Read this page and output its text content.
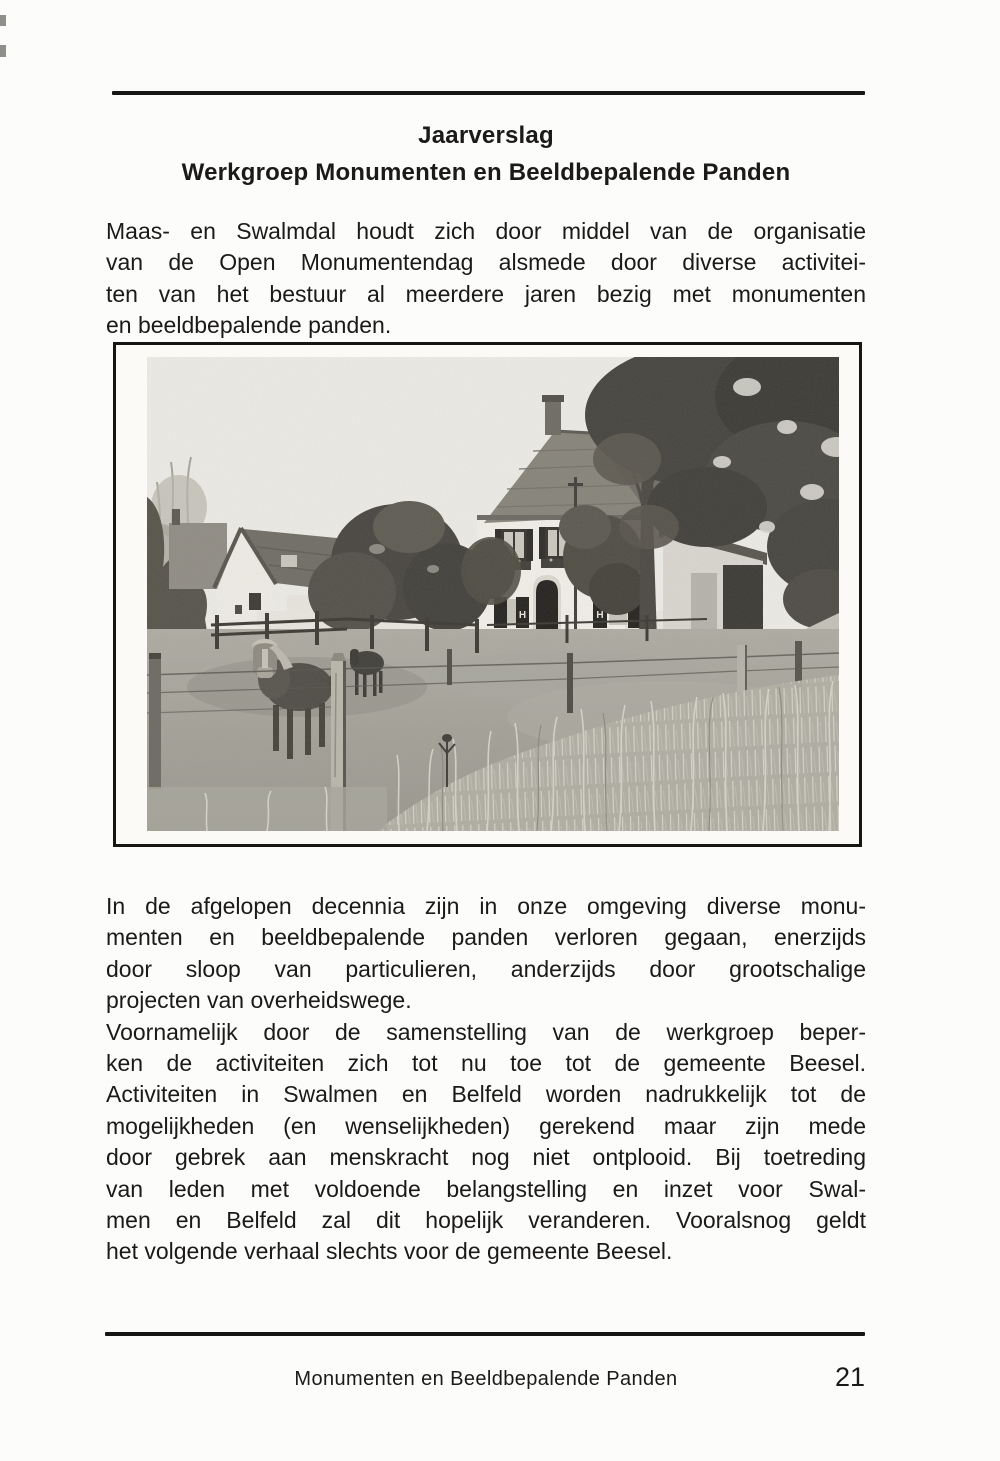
Jaarverslag
Werkgroep Monumenten en Beeldbepalende Panden
Maas- en Swalmdal houdt zich door middel van de organisatie
van de Open Monumentendag alsmede door diverse activitei-
ten van het bestuur al meerdere jaren bezig met monumenten
en beeldbepalende panden.
In de afgelopen decennia zijn in onze omgeving diverse monu-
menten en beeldbepalende panden verloren gegaan, enerzijds
door sloop van particulieren, anderzijds door grootschalige
projecten van overheidswege.
Voornamelijk door de samenstelling van de werkgroep beper-
ken de activiteiten zich tot nu toe tot de gemeente Beesel.
Activiteiten in Swalmen en Belfeld worden nadrukkelijk tot de
mogelijkheden (en wenselijkheden) gerekend maar zijn mede
door gebrek aan menskracht nog niet ontplooid. Bij toetreding
van leden met voldoende belangstelling en inzet voor Swal-
men en Belfeld zal dit hopelijk veranderen. Vooralsnog geldt
het volgende verhaal slechts voor de gemeente Beesel.
Monumenten en Beeldbepalende Panden	21
